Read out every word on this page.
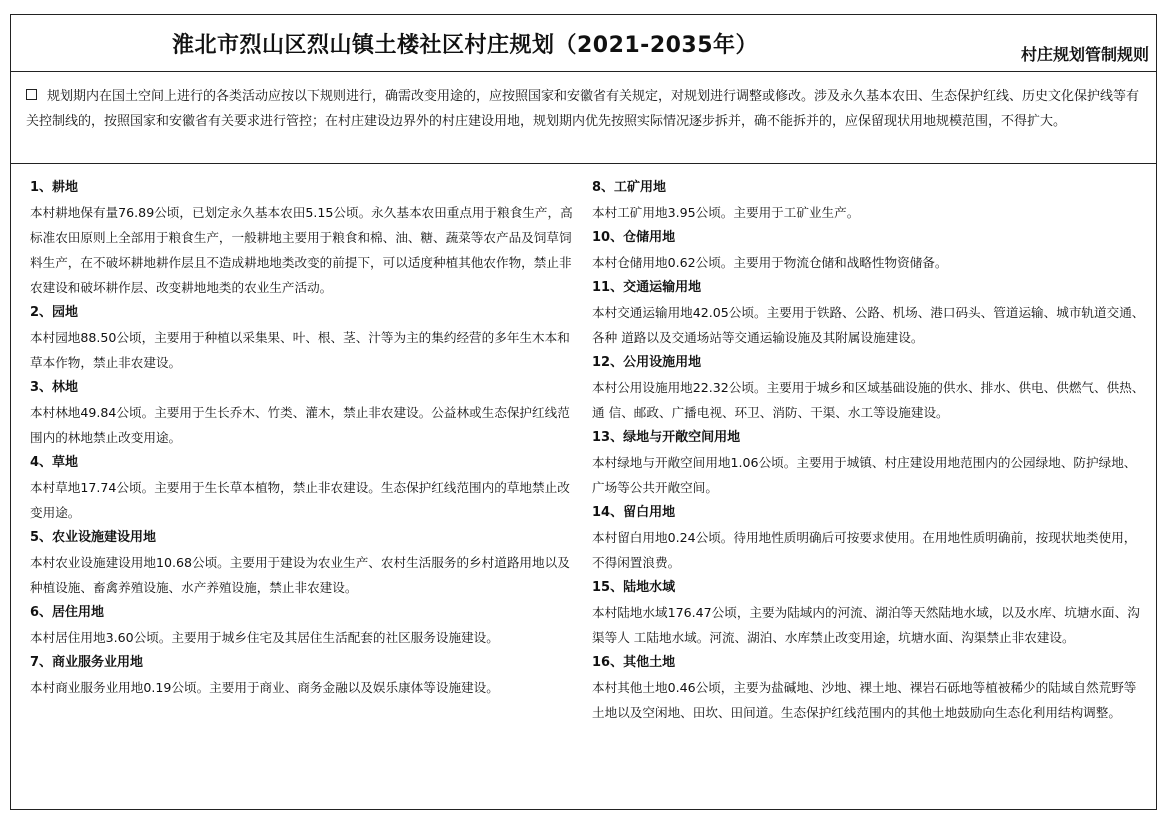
淮北市烈山区烈山镇土楼社区村庄规划（2021-2035年）	村庄规划管制规则
规划期内在国土空间上进行的各类活动应按以下规则进行，确需改变用途的，应按照国家和安徽省有关规定，对规划进行调整或修改。涉及永久基本农田、生态保护红线、历史文化保护线等有关控制线的，按照国家和安徽省有关要求进行管控；在村庄建设边界外的村庄建设用地，规划期内优先按照实际情况逐步拆并，确不能拆并的，应保留现状用地规模范围，不得扩大。
1、耕地

本村耕地保有量76.89公顷，已划定永久基本农田5.15公顷。永久基本农田重点用于粮食生产，高标准农田原则上全部用于粮食生产，一般耕地主要用于粮食和棉、油、糖、蔬菜等农产品及饲草饲料生产，在不破坏耕地耕作层且不造成耕地地类改变的前提下，可以适度种植其他农作物，禁止非农建设和破坏耕作层、改变耕地地类的农业生产活动。

2、园地

本村园地88.50公顷，主要用于种植以采集果、叶、根、茎、汁等为主的集约经营的多年生木本和草本作物，禁止非农建设。

3、林地

本村林地49.84公顷。主要用于生长乔木、竹类、灌木，禁止非农建设。公益林或生态保护红线范围内的林地禁止改变用途。

4、草地

本村草地17.74公顷。主要用于生长草本植物，禁止非农建设。生态保护红线范围内的草地禁止改变用途。

5、农业设施建设用地

本村农业设施建设用地10.68公顷。主要用于建设为农业生产、农村生活服务的乡村道路用地以及种植设施、畜禽养殖设施、水产养殖设施，禁止非农建设。

6、居住用地

本村居住用地3.60公顷。主要用于城乡住宅及其居住生活配套的社区服务设施建设。

7、商业服务业用地

本村商业服务业用地0.19公顷。主要用于商业、商务金融以及娱乐康体等设施建设。

8、工矿用地

本村工矿用地3.95公顷。主要用于工矿业生产。

10、仓储用地

本村仓储用地0.62公顷。主要用于物流仓储和战略性物资储备。

11、交通运输用地

本村交通运输用地42.05公顷。主要用于铁路、公路、机场、港口码头、管道运输、城市轨道交通、各种 道路以及交通场站等交通运输设施及其附属设施建设。

12、公用设施用地

本村公用设施用地22.32公顷。主要用于城乡和区域基础设施的供水、排水、供电、供燃气、供热、通 信、邮政、广播电视、环卫、消防、干渠、水工等设施建设。

13、绿地与开敞空间用地

本村绿地与开敞空间用地1.06公顷。主要用于城镇、村庄建设用地范围内的公园绿地、防护绿地、广场等公共开敞空间。

14、留白用地

本村留白用地0.24公顷。待用地性质明确后可按要求使用。在用地性质明确前，按现状地类使用，不得闲置浪费。

15、陆地水域

本村陆地水域176.47公顷，主要为陆域内的河流、湖泊等天然陆地水域，以及水库、坑塘水面、沟渠等人 工陆地水域。河流、湖泊、水库禁止改变用途，坑塘水面、沟渠禁止非农建设。

16、其他土地

本村其他土地0.46公顷，主要为盐碱地、沙地、裸土地、裸岩石砾地等植被稀少的陆域自然荒野等土地以及空闲地、田坎、田间道。生态保护红线范围内的其他土地鼓励向生态化利用结构调整。
